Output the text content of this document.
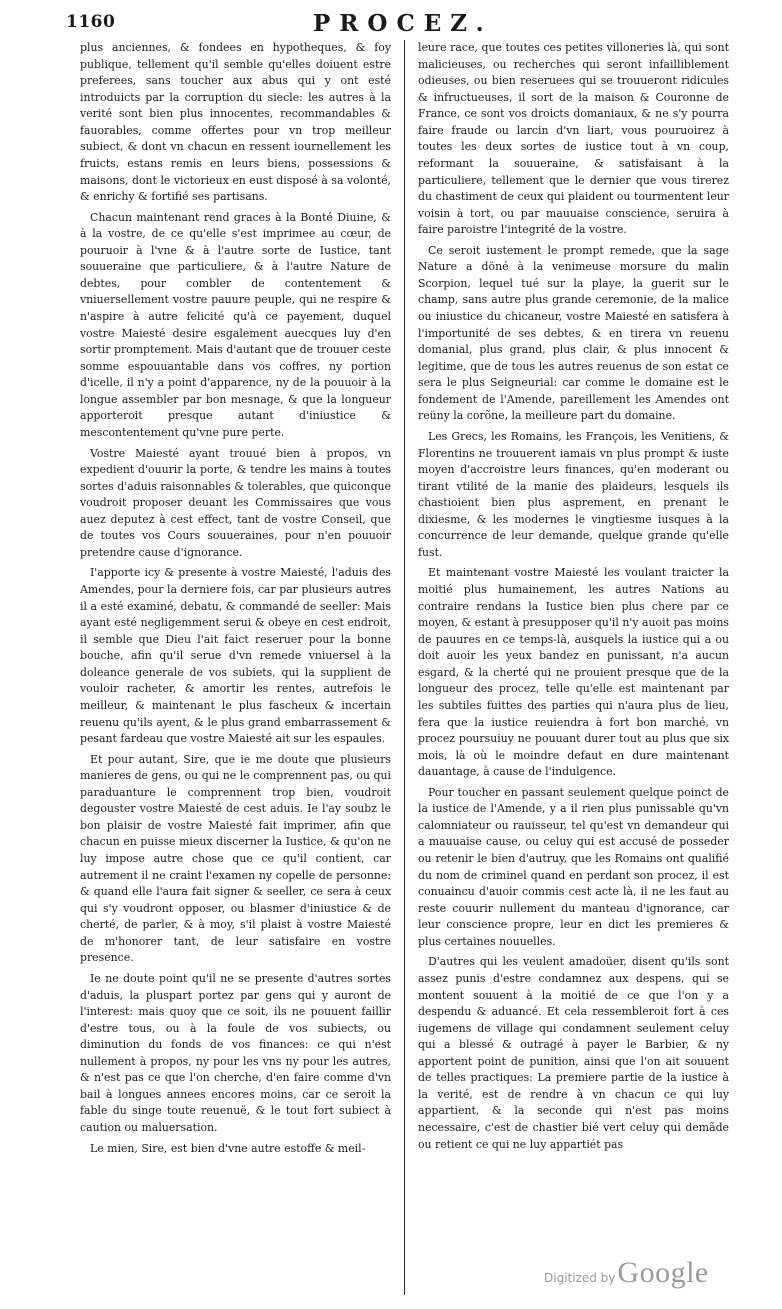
1160	PROCEZ.

plus anciennes, & fondees en hypotheques, & foy publique, tellement qu'il semble qu'elles doiuent estre preferees, sans toucher aux abus qui y ont esté introduicts par la corruption du siecle: les autres à la verité sont bien plus innocentes, recommandables & fauorables, comme offertes pour vn trop meilleur subiect, & dont vn chacun en ressent iournellement les fruicts, estans remis en leurs biens, possessions & maisons, dont le victorieux en eust disposé à sa volonté, & enrichy & fortifié ses partisans.

Chacun maintenant rend graces à la Bonté Diuine, & à la vostre, de ce qu'elle s'est imprimee au cœur, de pouruoir à l'vne & à l'autre sorte de Iustice, tant souueraine que particuliere, & à l'autre Nature de debtes, pour combler de contentement & vniuersellement vostre pauure peuple, qui ne respire & n'aspire à autre felicité qu'à ce payement, duquel vostre Maiesté desire esgalement auecques luy d'en sortir promptement. Mais d'autant que de trouuer ceste somme espouuantable dans vos coffres, ny portion d'icelle, il n'y a point d'apparence, ny de la pouuoir à la longue assembler par bon mesnage, & que la longueur apporteroit presque autant d'iniustice & mescontentement qu'vne pure perte.

Vostre Maiesté ayant trouué bien à propos, vn expedient d'ouurir la porte, & tendre les mains à toutes sortes d'aduis raisonnables & tolerables, que quiconque voudroit proposer deuant les Commissaires que vous auez deputez à cest effect, tant de vostre Conseil, que de toutes vos Cours souueraines, pour n'en pouuoir pretendre cause d'ignorance.

I'apporte icy & presente à vostre Maiesté, l'aduis des Amendes, pour la derniere fois, car par plusieurs autres il a esté examiné, debatu, & commandé de seeller: Mais ayant esté negligemment serui & obeye en cest endroit, il semble que Dieu l'ait faict reseruer pour la bonne bouche, afin qu'il serue d'vn remede vniuersel à la doleance generale de vos subiets, qui la supplient de vouloir racheter, & amortir les rentes, autrefois le meilleur, & maintenant le plus fascheux & incertain reuenu qu'ils ayent, & le plus grand embarrassement & pesant fardeau que vostre Maiesté ait sur les espaules.

Et pour autant, Sire, que ie me doute que plusieurs manieres de gens, ou qui ne le comprennent pas, ou qui paraduanture le comprennent trop bien, voudroit degouster vostre Maiesté de cest aduis. Ie l'ay soubz le bon plaisir de vostre Maiesté fait imprimer, afin que chacun en puisse mieux discerner la Iustice, & qu'on ne luy impose autre chose que ce qu'il contient, car autrement il ne craint l'examen ny copelle de personne: & quand elle l'aura fait signer & seeller, ce sera à ceux qui s'y voudront opposer, ou blasmer d'iniustice & de cherté, de parler, & à moy, s'il plaist à vostre Maiesté de m'honorer tant, de leur satisfaire en vostre presence.

Ie ne doute point qu'il ne se presente d'autres sortes d'aduis, la pluspart portez par gens qui y auront de l'interest: mais quoy que ce soit, ils ne pouuent faillir d'estre tous, ou à la foule de vos subiects, ou diminution du fonds de vos finances: ce qui n'est nullement à propos, ny pour les vns ny pour les autres, & n'est pas ce que l'on cherche, d'en faire comme d'vn bail à longues annees encores moins, car ce seroit la fable du singe toute reuenuë, & le tout fort subiect à caution ou maluersation.

Le mien, Sire, est bien d'vne autre estoffe & meil-

leure race, que toutes ces petites villoneries là, qui sont malicieuses, ou recherches qui seront infailliblement odieuses, ou bien reseruees qui se trouueront ridicules & infructueuses, il sort de la maison & Couronne de France, ce sont vos droicts domaniaux, & ne s'y pourra faire fraude ou larcin d'vn liart, vous pouruoirez à toutes les deux sortes de iustice tout à vn coup, reformant la souueraine, & satisfaisant à la particuliere, tellement que le dernier que vous tirerez du chastiment de ceux qui plaident ou tourmentent leur voisin à tort, ou par mauuaise conscience, seruira à faire paroistre l'integrité de la vostre.

Ce seroit iustement le prompt remede, que la sage Nature a döné à la venimeuse morsure du malin Scorpion, lequel tué sur la playe, la guerit sur le champ, sans autre plus grande ceremonie, de la malice ou iniustice du chicaneur, vostre Maiesté en satisfera à l'importunité de ses debtes, & en tirera vn reuenu domanial, plus grand, plus clair, & plus innocent & legitime, que de tous les autres reuenus de son estat ce sera le plus Seigneurial: car comme le domaine est le fondement de l'Amende, pareillement les Amendes ont reüny la corõne, la meilleure part du domaine.

Les Grecs, les Romains, les François, les Venitiens, & Florentins ne trouuerent iamais vn plus prompt & iuste moyen d'accroistre leurs finances, qu'en moderant ou tirant vtilité de la manie des plaideurs, lesquels ils chastioient bien plus asprement, en prenant le dixiesme, & les modernes le vingtiesme iusques à la concurrence de leur demande, quelque grande qu'elle fust.

Et maintenant vostre Maiesté les voulant traicter la moitié plus humainement, les autres Nations au contraire rendans la Iustice bien plus chere par ce moyen, & estant à presupposer qu'il n'y auoit pas moins de pauures en ce temps-là, ausquels la iustice qui a ou doit auoir les yeux bandez en punissant, n'a aucun esgard, & la cherté qui ne prouient presque que de la longueur des procez, telle qu'elle est maintenant par les subtiles fuittes des parties qui n'aura plus de lieu, fera que la iustice reuiendra à fort bon marché, vn procez poursuiuy ne pouuant durer tout au plus que six mois, là où le moindre defaut en dure maintenant dauantage, à cause de l'indulgence.

Pour toucher en passant seulement quelque poinct de la iustice de l'Amende, y a il rien plus punissable qu'vn calomniateur ou rauisseur, tel qu'est vn demandeur qui a mauuaise cause, ou celuy qui est accusé de posseder ou retenir le bien d'autruy, que les Romains ont qualifié du nom de criminel quand en perdant son procez, il est conuaincu d'auoir commis cest acte là, il ne les faut au reste couurir nullement du manteau d'ignorance, car leur conscience propre, leur en dict les premieres & plus certaines nouuelles.

D'autres qui les veulent amadoüer, disent qu'ils sont assez punis d'estre condamnez aux despens, qui se montent souuent à la moitié de ce que l'on y a despendu & aduancé. Et cela ressembleroit fort à ces iugemens de village qui condamnent seulement celuy qui a blessé & outragé à payer le Barbier, & ny apportent point de punition, ainsi que l'on ait souuent de telles practiques: La premiere partie de la iustice à la verité, est de rendre à vn chacun ce qui luy appartient, & la seconde qui n'est pas moins necessaire, c'est de chastier bié vert celuy qui demãde ou retient ce qui ne luy appartiét pas

Digitized by Google
